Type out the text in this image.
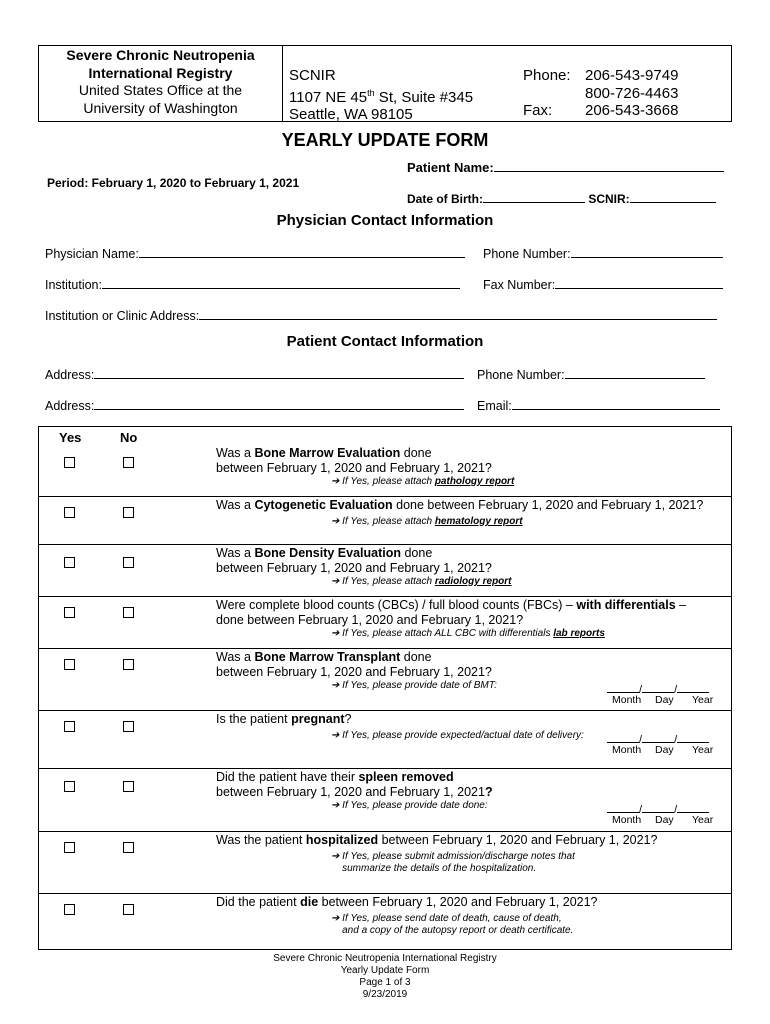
Severe Chronic Neutropenia
International Registry
United States Office at the
University of Washington
SCNIR
1107 NE 45th St, Suite #345
Seattle, WA 98105
Phone: 206-543-9749
800-726-4463
Fax: 206-543-3668
YEARLY UPDATE FORM
Patient Name:
Period: February 1, 2020 to February 1, 2021
Date of Birth:	SCNIR:
Physician Contact Information
Physician Name:	Phone Number:
Institution:	Fax Number:
Institution or Clinic Address:
Patient Contact Information
Address:	Phone Number:
Address:	Email:
Yes	No
Was a Bone Marrow Evaluation done
between February 1, 2020 and February 1, 2021?
➔ If Yes, please attach pathology report
Was a Cytogenetic Evaluation done between February 1, 2020 and February 1, 2021?
➔ If Yes, please attach hematology report
Was a Bone Density Evaluation done
between February 1, 2020 and February 1, 2021?
➔ If Yes, please attach radiology report
Were complete blood counts (CBCs) / full blood counts (FBCs) – with differentials –
done between February 1, 2020 and February 1, 2021?
➔ If Yes, please attach ALL CBC with differentials lab reports
Was a Bone Marrow Transplant done
between February 1, 2020 and February 1, 2021?
➔ If Yes, please provide date of BMT:	/	/
Month Day Year
Is the patient pregnant?
➔ If Yes, please provide expected/actual date of delivery:	/	/
Month Day Year
Did the patient have their spleen removed
between February 1, 2020 and February 1, 2021?
➔ If Yes, please provide date done:	/	/
Month Day Year
Was the patient hospitalized between February 1, 2020 and February 1, 2021?
➔ If Yes, please submit admission/discharge notes that
summarize the details of the hospitalization.
Did the patient die between February 1, 2020 and February 1, 2021?
➔ If Yes, please send date of death, cause of death,
and a copy of the autopsy report or death certificate.
Severe Chronic Neutropenia International Registry
Yearly Update Form
Page 1 of 3
9/23/2019
